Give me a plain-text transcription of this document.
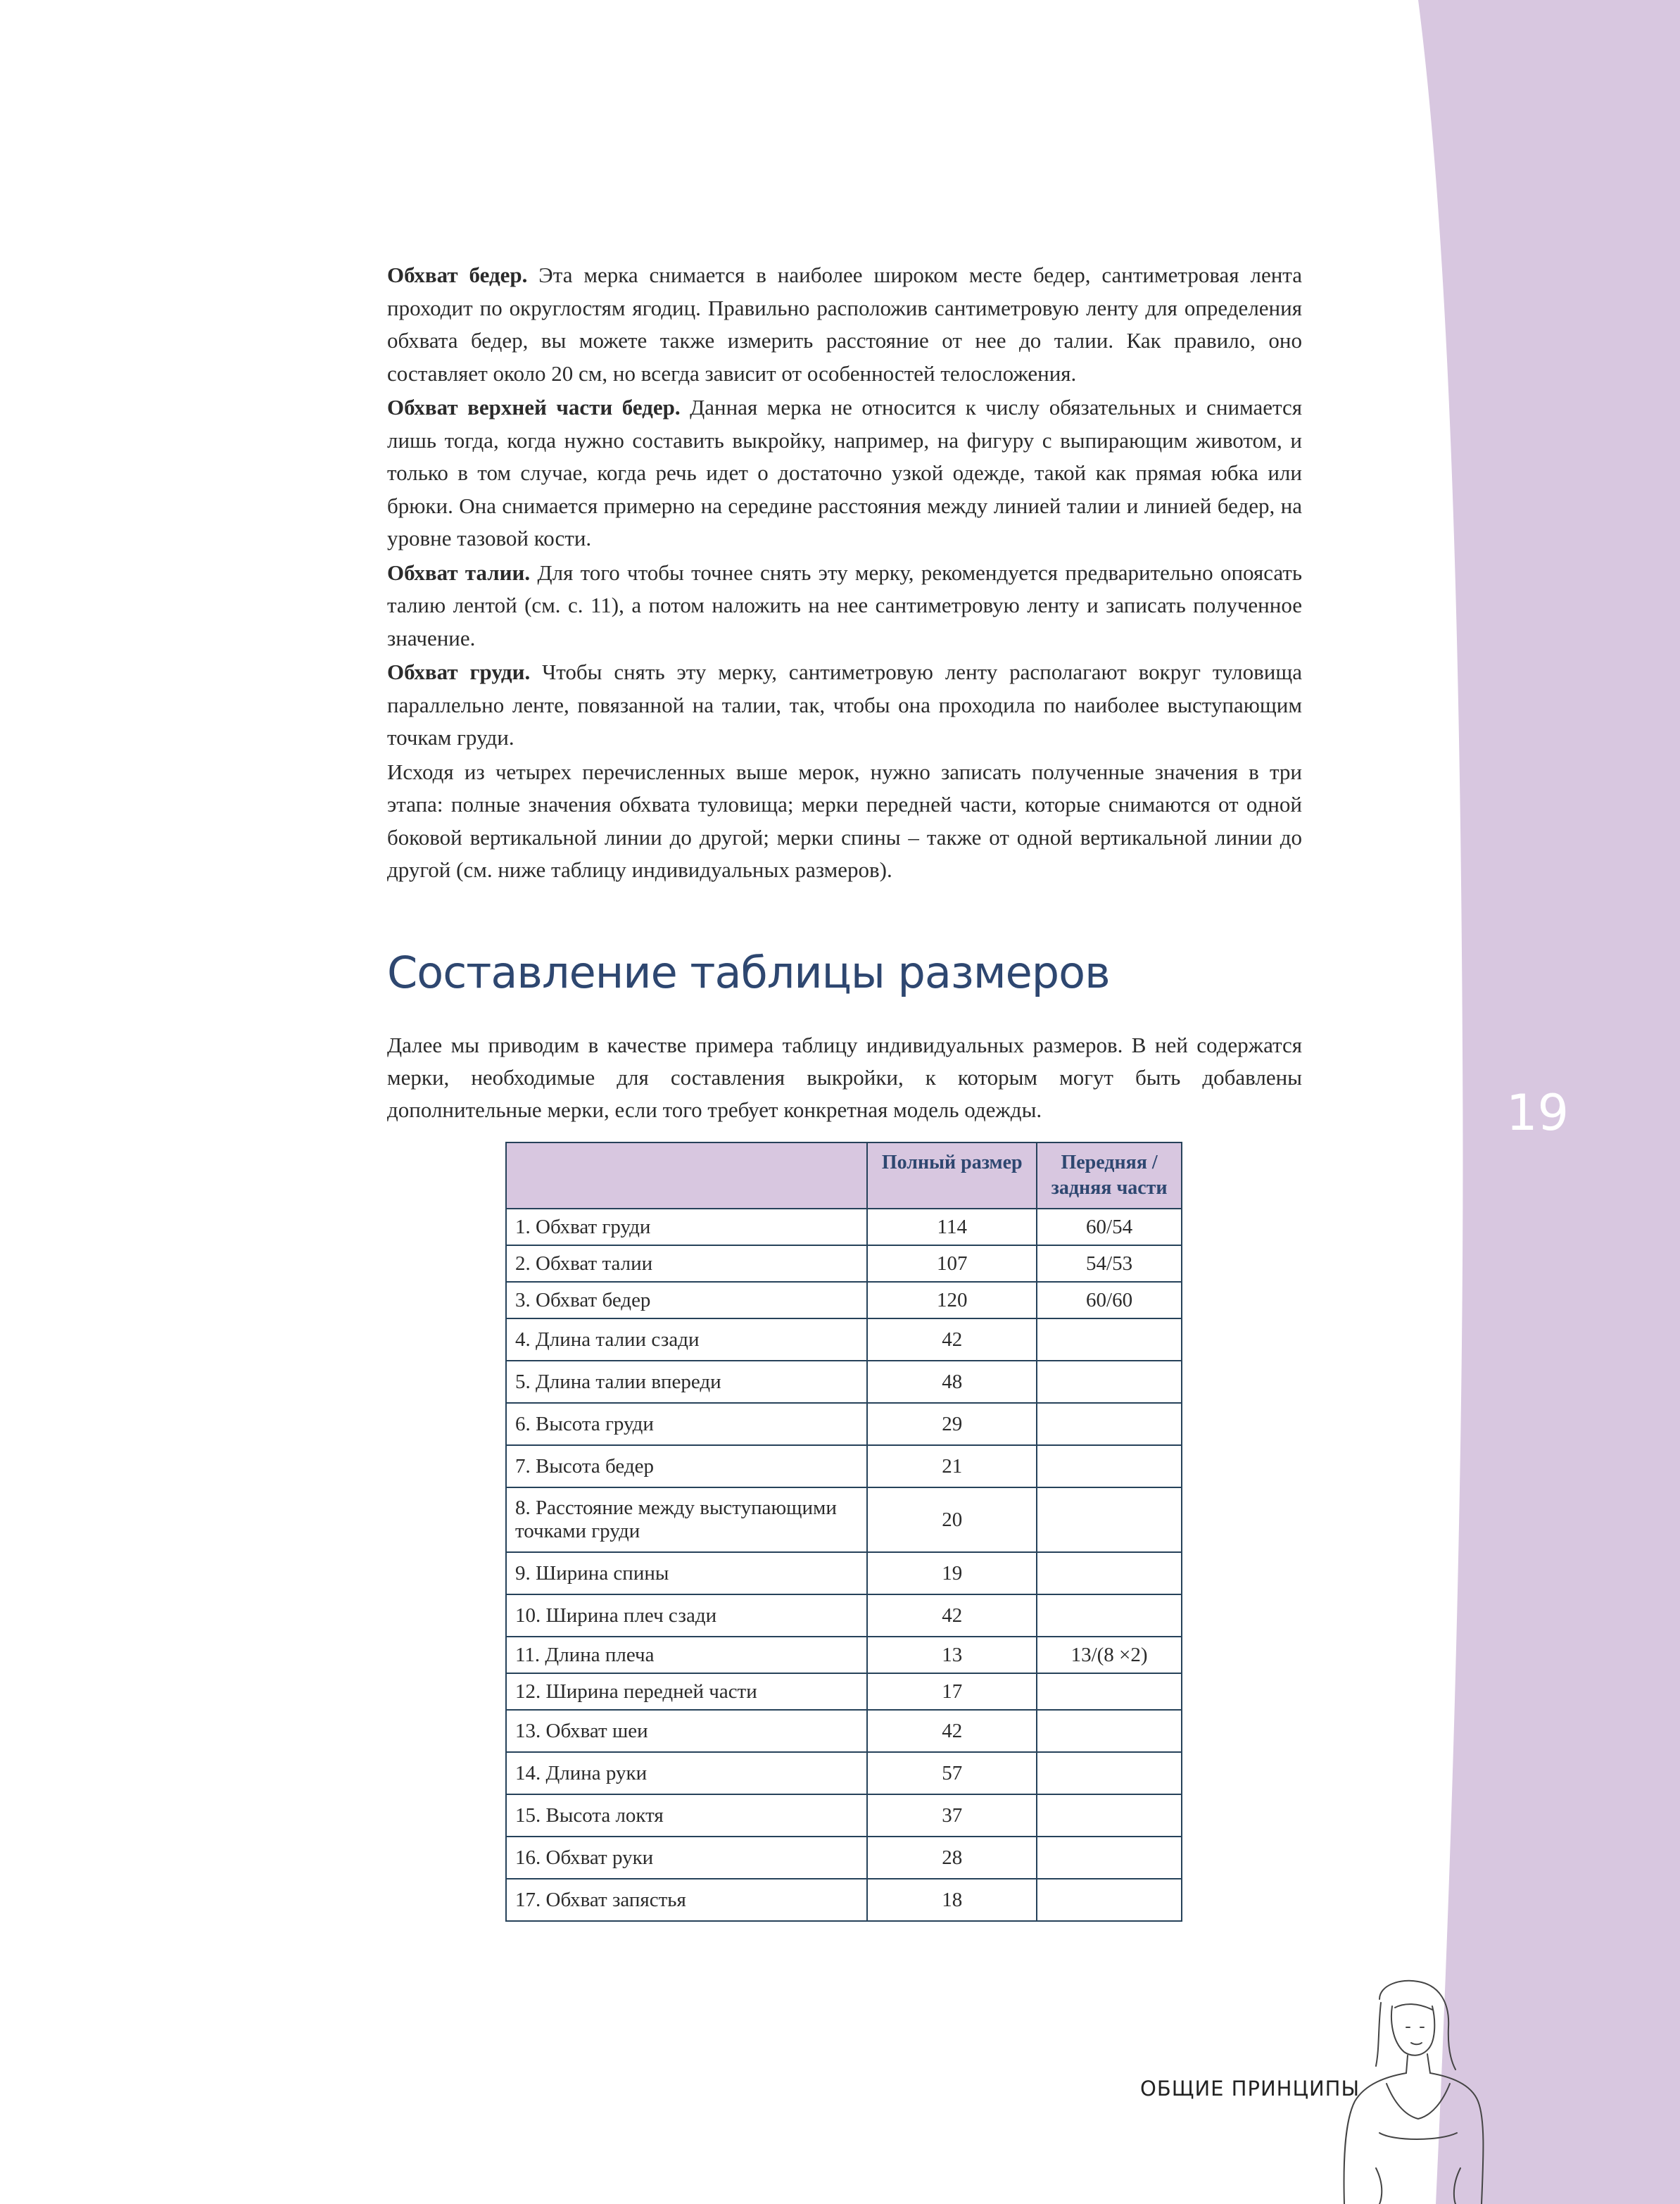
Обхват бедер. Эта мерка снимается в наиболее широком месте бедер, сантиметровая лента проходит по округлостям ягодиц. Правильно расположив сантиметровую ленту для определения обхвата бедер, вы можете также измерить расстояние от нее до талии. Как правило, оно составляет около 20 см, но всегда зависит от особенностей телосложения.

Обхват верхней части бедер. Данная мерка не относится к числу обязательных и снимается лишь тогда, когда нужно составить выкройку, например, на фигуру с выпирающим животом, и только в том случае, когда речь идет о достаточно узкой одежде, такой как прямая юбка или брюки. Она снимается примерно на середине расстояния между линией талии и линией бедер, на уровне тазовой кости.

Обхват талии. Для того чтобы точнее снять эту мерку, рекомендуется предварительно опоясать талию лентой (см. с. 11), а потом наложить на нее сантиметровую ленту и записать полученное значение.

Обхват груди. Чтобы снять эту мерку, сантиметровую ленту располагают вокруг туловища параллельно ленте, повязанной на талии, так, чтобы она проходила по наиболее выступающим точкам груди.

Исходя из четырех перечисленных выше мерок, нужно записать полученные значения в три этапа: полные значения обхвата туловища; мерки передней части, которые снимаются от одной боковой вертикальной линии до другой; мерки спины – также от одной вертикальной линии до другой (см. ниже таблицу индивидуальных размеров).

Составление таблицы размеров

Далее мы приводим в качестве примера таблицу индивидуальных размеров. В ней содержатся мерки, необходимые для составления выкройки, к которым могут быть добавлены дополнительные мерки, если того требует конкретная модель одежды.

	Полный размер	Передняя / задняя части
1. Обхват груди	114	60/54
2. Обхват талии	107	54/53
3. Обхват бедер	120	60/60
4. Длина талии сзади	42	
5. Длина талии впереди	48	
6. Высота груди	29	
7. Высота бедер	21	
8. Расстояние между выступающими точками груди	20	
9. Ширина спины	19	
10. Ширина плеч сзади	42	
11. Длина плеча	13	13/(8 ×2)
12. Ширина передней части	17	
13. Обхват шеи	42	
14. Длина руки	57	
15. Высота локтя	37	
16. Обхват руки	28	
17. Обхват запястья	18	
19
ОБЩИЕ ПРИНЦИПЫ
